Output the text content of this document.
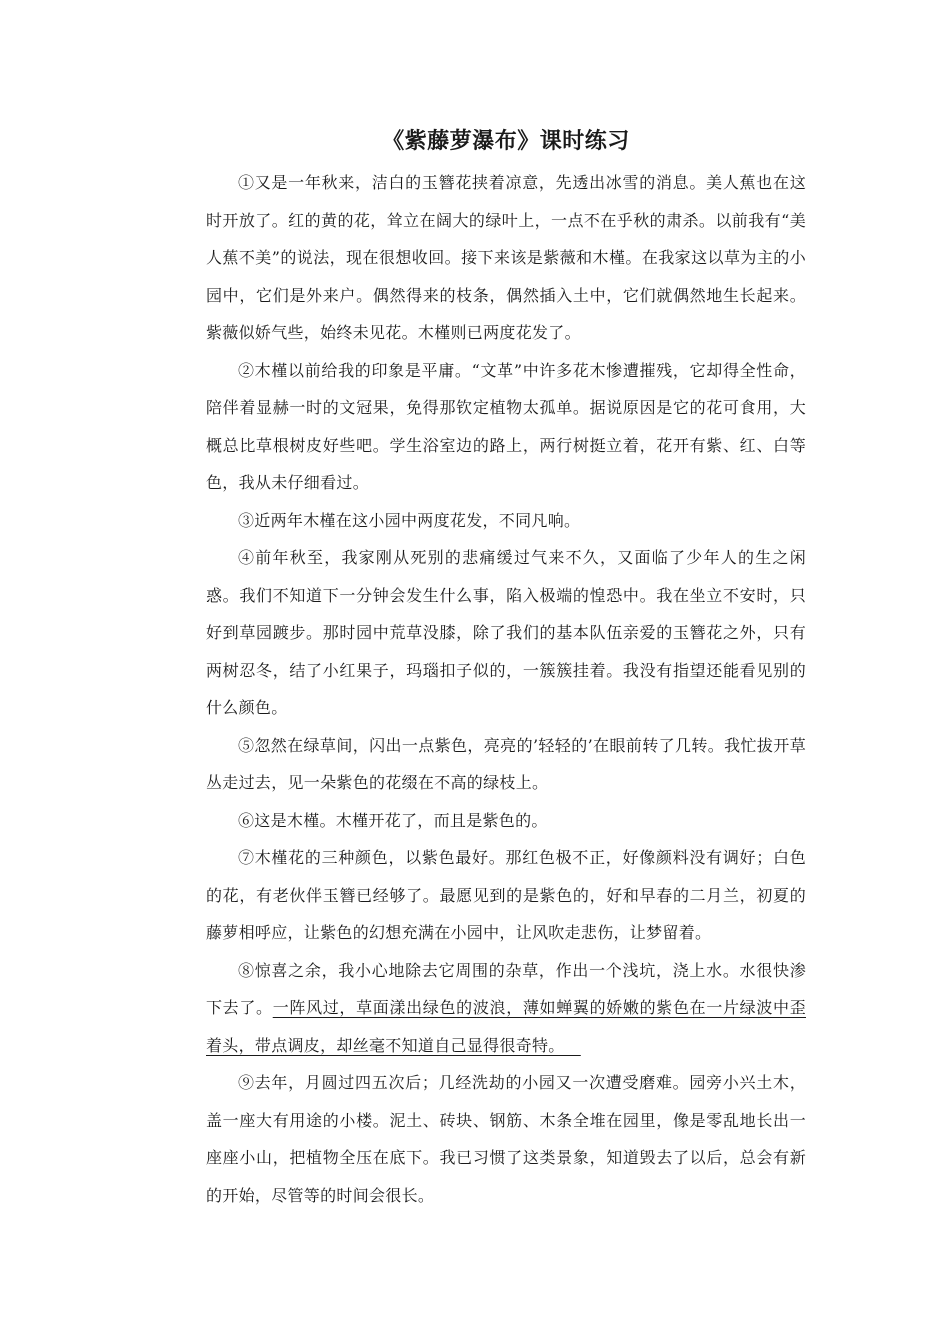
《紫藤萝瀑布》课时练习

①又是一年秋来，洁白的玉簪花挟着凉意，先透出冰雪的消息。美人蕉也在这时开放了。红的黄的花，耸立在阔大的绿叶上，一点不在乎秋的肃杀。以前我有“美人蕉不美”的说法，现在很想收回。接下来该是紫薇和木槿。在我家这以草为主的小园中，它们是外来户。偶然得来的枝条，偶然插入土中，它们就偶然地生长起来。紫薇似娇气些，始终未见花。木槿则已两度花发了。

②木槿以前给我的印象是平庸。“文革”中许多花木惨遭摧残，它却得全性命，陪伴着显赫一时的文冠果，免得那钦定植物太孤单。据说原因是它的花可食用，大概总比草根树皮好些吧。学生浴室边的路上，两行树挺立着，花开有紫、红、白等色，我从未仔细看过。

③近两年木槿在这小园中两度花发，不同凡响。

④前年秋至，我家刚从死别的悲痛缓过气来不久，又面临了少年人的生之闲惑。我们不知道下一分钟会发生什么事，陷入极端的惶恐中。我在坐立不安时，只好到草园踱步。那时园中荒草没膝，除了我们的基本队伍亲爱的玉簪花之外，只有两树忍冬，结了小红果子，玛瑙扣子似的，一簇簇挂着。我没有指望还能看见别的什么颜色。

⑤忽然在绿草间，闪出一点紫色，亮亮的’轻轻的’在眼前转了几转。我忙拔开草丛走过去，见一朵紫色的花缀在不高的绿枝上。

⑥这是木槿。木槿开花了，而且是紫色的。

⑦木槿花的三种颜色，以紫色最好。那红色极不正，好像颜料没有调好；白色的花，有老伙伴玉簪已经够了。最愿见到的是紫色的，好和早春的二月兰，初夏的藤萝相呼应，让紫色的幻想充满在小园中，让风吹走悲伤，让梦留着。

⑧惊喜之余，我小心地除去它周围的杂草，作出一个浅坑，浇上水。水很快渗下去了。一阵风过，草面漾出绿色的波浪，薄如蝉翼的娇嫩的紫色在一片绿波中歪着头，带点调皮，却丝毫不知道自己显得很奇特。

⑨去年，月圆过四五次后；几经洗劫的小园又一次遭受磨难。园旁小兴土木，盖一座大有用途的小楼。泥土、砖块、钢筋、木条全堆在园里，像是零乱地长出一座座小山，把植物全压在底下。我已习惯了这类景象，知道毁去了以后，总会有新的开始，尽管等的时间会很长。
